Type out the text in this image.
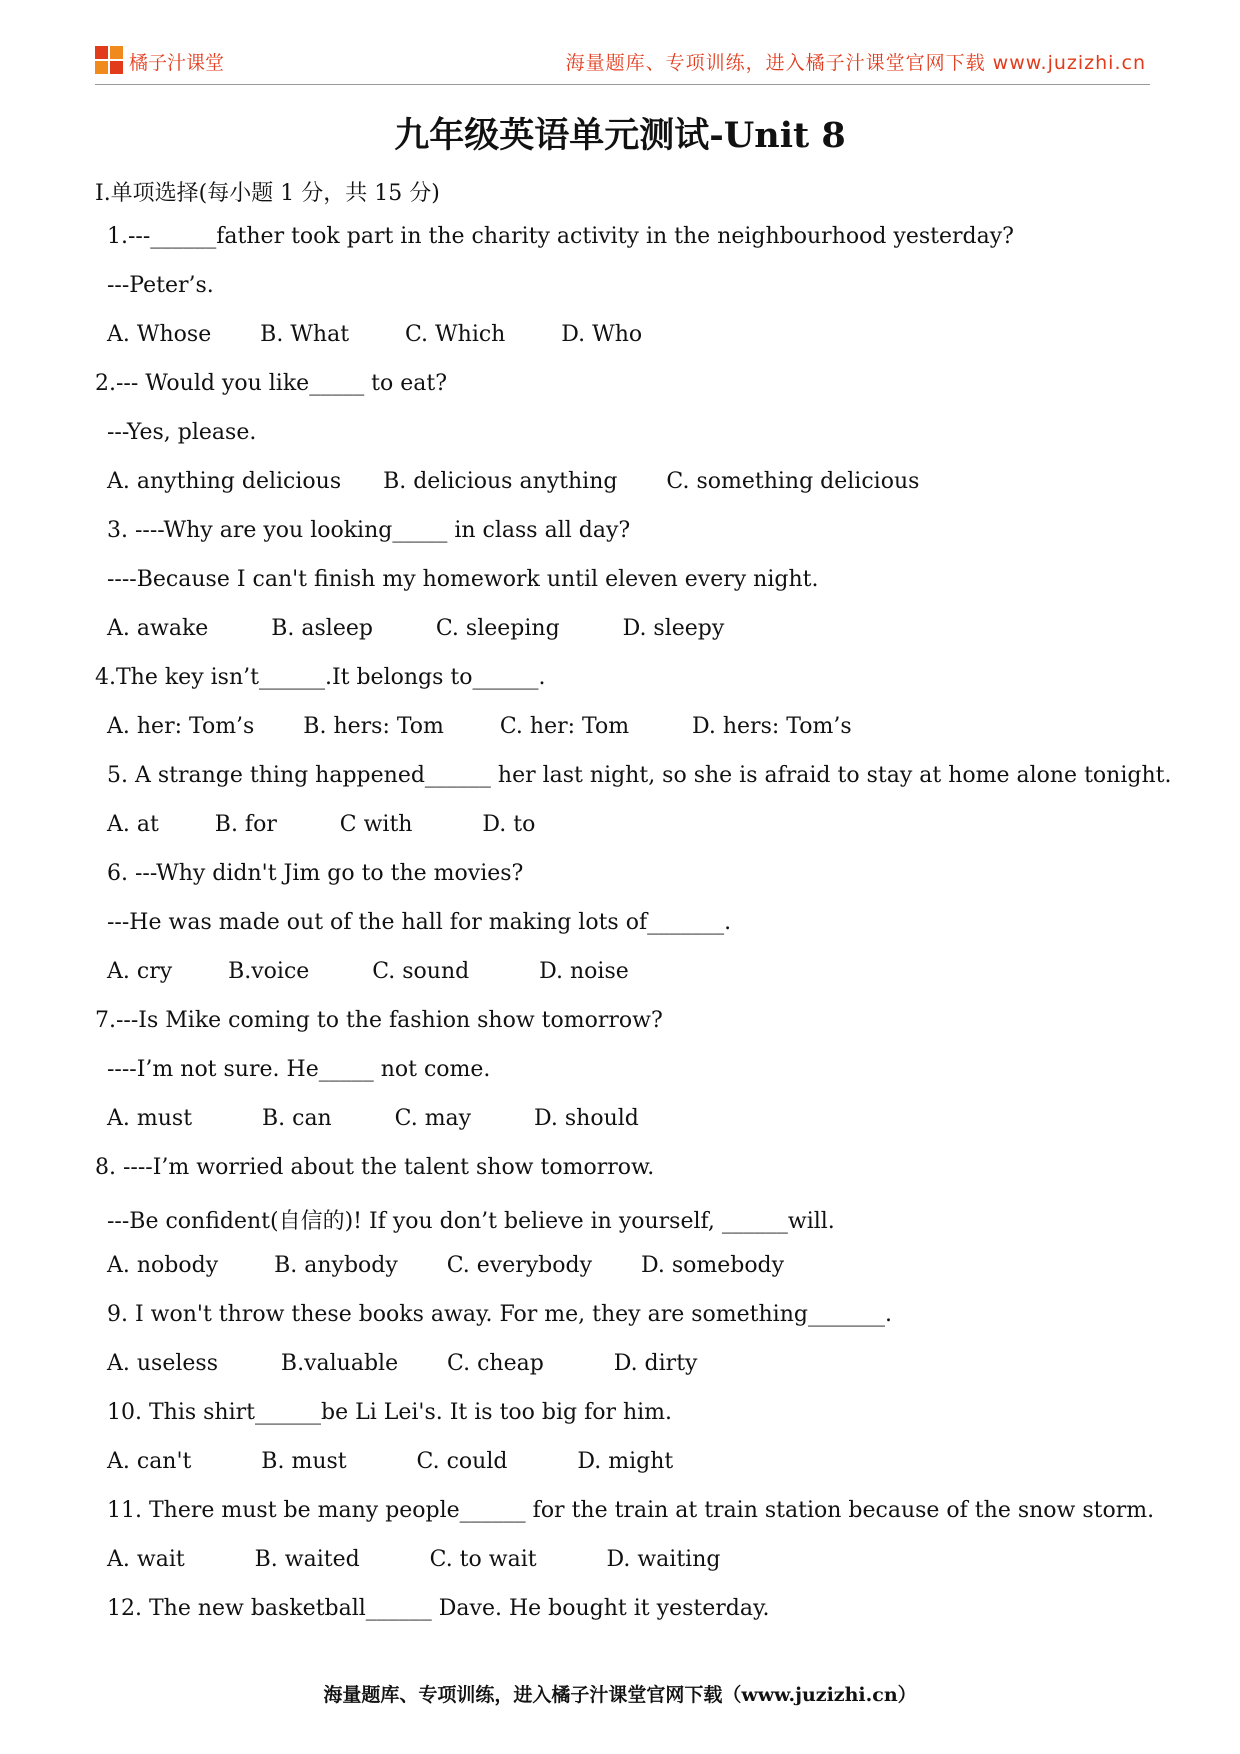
橘子汁课堂	海量题库、专项训练，进入橘子汁课堂官网下载 www.juzizhi.cn
九年级英语单元测试-Unit 8
I.单项选择(每小题 1 分，共 15 分)
1.---______father took part in the charity activity in the neighbourhood yesterday?
---Peter’s.
A. Whose       B. What        C. Which        D. Who
2.--- Would you like_____ to eat?
---Yes, please.
A. anything delicious      B. delicious anything       C. something delicious
3. ----Why are you looking_____ in class all day?
----Because I can't finish my homework until eleven every night.
A. awake         B. asleep         C. sleeping         D. sleepy
4.The key isn’t______.It belongs to______.
A. her: Tom’s       B. hers: Tom        C. her: Tom         D. hers: Tom’s
5. A strange thing happened______ her last night, so she is afraid to stay at home alone tonight.
A. at        B. for         C with          D. to
6. ---Why didn't Jim go to the movies?
---He was made out of the hall for making lots of_______.
A. cry        B.voice         C. sound          D. noise
7.---Is Mike coming to the fashion show tomorrow?
----I’m not sure. He_____ not come.
A. must          B. can         C. may         D. should
8. ----I’m worried about the talent show tomorrow.
---Be confident(自信的)! If you don’t believe in yourself, ______will.
A. nobody        B. anybody       C. everybody       D. somebody
9. I won't throw these books away. For me, they are something_______.
A. useless         B.valuable       C. cheap          D. dirty
10. This shirt______be Li Lei's. It is too big for him.
A. can't          B. must          C. could          D. might
11. There must be many people______ for the train at train station because of the snow storm.
A. wait          B. waited          C. to wait          D. waiting
12. The new basketball______ Dave. He bought it yesterday.
海量题库、专项训练，进入橘子汁课堂官网下载（www.juzizhi.cn）
